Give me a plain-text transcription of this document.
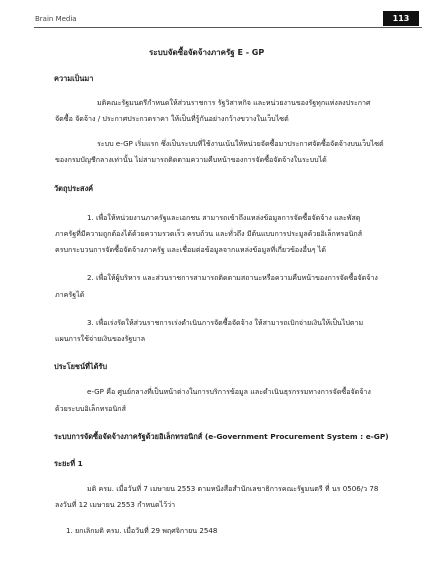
Brain Media	113
ระบบจัดซื้อจัดจ้างภาครัฐ E - GP
ความเป็นมา
มติคณะรัฐมนตรีกำหนดให้ส่วนราชการ รัฐวิสาหกิจ และหน่วยงานของรัฐทุกแห่งลงประกาศ
จัดซื้อ จัดจ้าง / ประกาศประกวดราคา ให้เป็นที่รู้กันอย่างกว้างขวางในเว็บไซต์
ระบบ e-GP เริ่มแรก ซึ่งเป็นระบบที่ใช้งานเน้นให้หน่วยจัดซื้อมาประกาศจัดซื้อจัดจ้างบนเว็บไซต์
ของกรมบัญชีกลางเท่านั้น ไม่สามารถติดตามความคืบหน้าของการจัดซื้อจัดจ้างในระบบได้
วัตถุประสงค์
1. เพื่อให้หน่วยงานภาครัฐและเอกชน สามารถเข้าถึงแหล่งข้อมูลการจัดซื้อจัดจ้าง และพัสดุ
ภาครัฐที่มีความถูกต้องได้ด้วยความรวดเร็ว ครบถ้วน และทั่วถึง มีต้นแบบการประมูลด้วยอิเล็กทรอนิกส์
ครบกระบวนการจัดซื้อจัดจ้างภาครัฐ และเชื่อมต่อข้อมูลจากแหล่งข้อมูลที่เกี่ยวข้องอื่นๆ ได้
2. เพื่อให้ผู้บริหาร และส่วนราชการสามารถติดตามสถานะหรือความคืบหน้าของการจัดซื้อจัดจ้าง
ภาครัฐได้
3. เพื่อเร่งรัดให้ส่วนราชการเร่งดำเนินการจัดซื้อจัดจ้าง ให้สามารถเบิกจ่ายเงินให้เป็นไปตาม
แผนการใช้จ่ายเงินของรัฐบาล
ประโยชน์ที่ได้รับ
e-GP คือ ศูนย์กลางที่เป็นหน้าต่างในการบริการข้อมูล และดำเนินธุรกรรมทางการจัดซื้อจัดจ้าง
ด้วยระบบอิเล็กทรอนิกส์
ระบบการจัดซื้อจัดจ้างภาครัฐด้วยอิเล็กทรอนิกส์ (e-Government Procurement System : e-GP)
ระยะที่ 1
มติ ครม. เมื่อวันที่ 7 เมษายน 2553 ตามหนังสือสำนักเลขาธิการคณะรัฐมนตรี ที่ นร 0506/ว 78
ลงวันที่ 12 เมษายน 2553 กำหนดไว้ว่า
1. ยกเลิกมติ ครม. เมื่อวันที่ 29 พฤศจิกายน 2548
